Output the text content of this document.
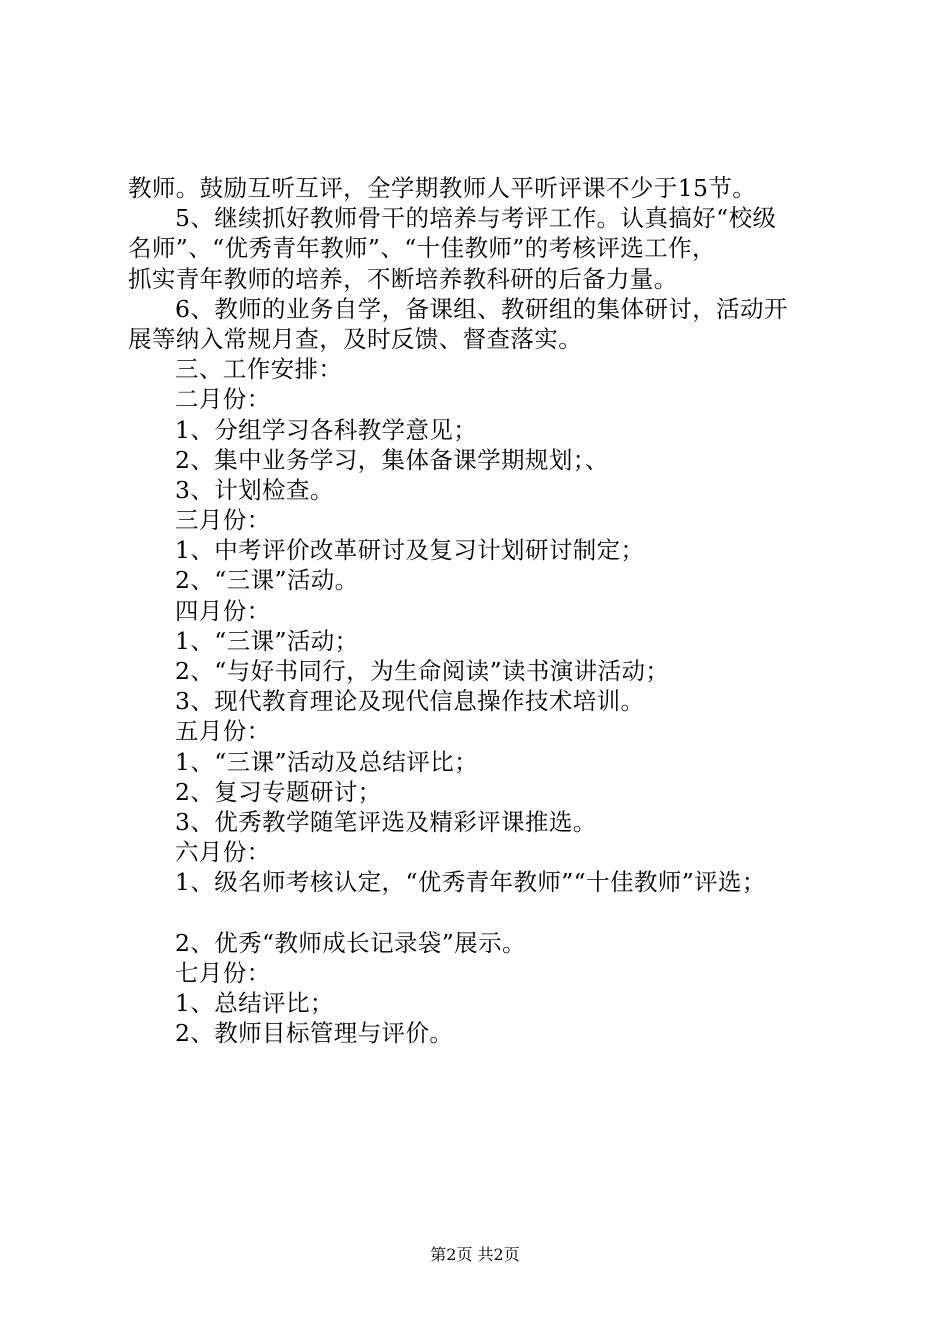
教师。鼓励互听互评，全学期教师人平听评课不少于15节。
5、继续抓好教师骨干的培养与考评工作。认真搞好“校级
名师”、“优秀青年教师”、“十佳教师”的考核评选工作，
抓实青年教师的培养，不断培养教科研的后备力量。
6、教师的业务自学，备课组、教研组的集体研讨，活动开
展等纳入常规月查，及时反馈、督查落实。
三、工作安排：
二月份：
1、分组学习各科教学意见；
2、集中业务学习，集体备课学期规划；、
3、计划检查。
三月份：
1、中考评价改革研讨及复习计划研讨制定；
2、“三课”活动。
四月份：
1、“三课”活动；
2、“与好书同行，为生命阅读”读书演讲活动；
3、现代教育理论及现代信息操作技术培训。
五月份：
1、“三课”活动及总结评比；
2、复习专题研讨；
3、优秀教学随笔评选及精彩评课推选。
六月份：
1、级名师考核认定，“优秀青年教师”“十佳教师”评选；
2、优秀“教师成长记录袋”展示。
七月份：
1、总结评比；
2、教师目标管理与评价。
第2页 共2页
